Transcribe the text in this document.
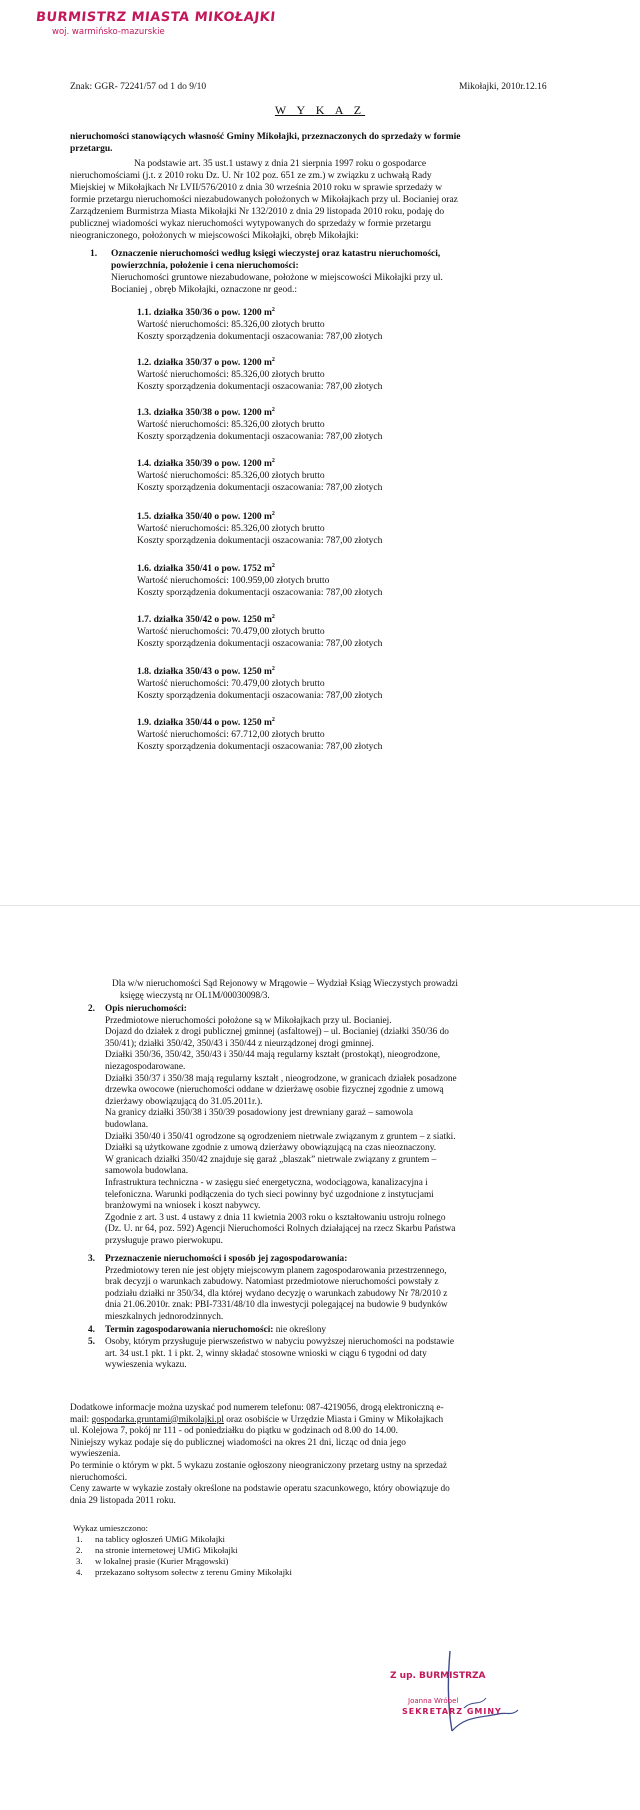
BURMISTRZ MIASTA MIKOŁAJKI
woj. warmińsko-mazurskie
Znak: GGR- 72241/57 od 1 do 9/10	Mikołajki, 2010r.12.16
W Y K A Z
nieruchomości stanowiących własność Gminy Mikołajki, przeznaczonych do sprzedaży w formie
przetargu.

Na podstawie art. 35 ust.1 ustawy z dnia 21 sierpnia 1997 roku o gospodarce

nieruchomościami (j.t. z 2010 roku Dz. U. Nr 102 poz. 651 ze zm.) w związku z uchwałą Rady

Miejskiej w Mikołajkach Nr LVII/576/2010 z dnia 30 września 2010 roku w sprawie sprzedaży w

formie przetargu nieruchomości niezabudowanych położonych w Mikołajkach przy ul. Bocianiej oraz

Zarządzeniem Burmistrza Miasta Mikołajki Nr 132/2010 z dnia 29 listopada 2010 roku, podaję do

publicznej wiadomości wykaz nieruchomości wytypowanych do sprzedaży w formie przetargu

nieograniczonego, położonych w miejscowości Mikołajki, obręb Mikołajki:

1. Oznaczenie nieruchomości według księgi wieczystej oraz katastru nieruchomości,
powierzchnia, położenie i cena nieruchomości:
Nieruchomości gruntowe niezabudowane, położone w miejscowości Mikołajki przy ul.
Bocianiej , obręb Mikołajki, oznaczone nr geod.:
1.1. działka 350/36 o pow. 1200 $m^2$
Wartość nieruchomości: 85.326,00 złotych brutto
Koszty sporządzenia dokumentacji oszacowania: 787,00 złotych
1.2. działka 350/37 o pow. 1200 $m^2$
Wartość nieruchomości: 85.326,00 złotych brutto
Koszty sporządzenia dokumentacji oszacowania: 787,00 złotych
1.3. działka 350/38 o pow. 1200 $m^2$
Wartość nieruchomości: 85.326,00 złotych brutto
Koszty sporządzenia dokumentacji oszacowania: 787,00 złotych
1.4. działka 350/39 o pow. 1200 $m^2$
Wartość nieruchomości: 85.326,00 złotych brutto
Koszty sporządzenia dokumentacji oszacowania: 787,00 złotych
1.5. działka 350/40 o pow. 1200 $m^2$
Wartość nieruchomości: 85.326,00 złotych brutto
Koszty sporządzenia dokumentacji oszacowania: 787,00 złotych
1.6. działka 350/41 o pow. 1752 $m^2$
Wartość nieruchomości: 100.959,00 złotych brutto
Koszty sporządzenia dokumentacji oszacowania: 787,00 złotych
1.7. działka 350/42 o pow. 1250 $m^2$
Wartość nieruchomości: 70.479,00 złotych brutto
Koszty sporządzenia dokumentacji oszacowania: 787,00 złotych
1.8. działka 350/43 o pow. 1250 $m^2$
Wartość nieruchomości: 70.479,00 złotych brutto
Koszty sporządzenia dokumentacji oszacowania: 787,00 złotych
1.9. działka 350/44 o pow. 1250 $m^2$
Wartość nieruchomości: 67.712,00 złotych brutto
Koszty sporządzenia dokumentacji oszacowania: 787,00 złotych
Dla w/w nieruchomości Sąd Rejonowy w Mrągowie – Wydział Ksiąg Wieczystych prowadzi
księgę wieczystą nr OL1M/00030098/3.
2. Opis nieruchomości:
Przedmiotowe nieruchomości położone są w Mikołajkach przy ul. Bocianiej.
Dojazd do działek z drogi publicznej gminnej (asfaltowej) – ul. Bocianiej (działki 350/36 do
350/41); działki 350/42, 350/43 i 350/44 z nieurządzonej drogi gminnej.
Działki 350/36, 350/42, 350/43 i 350/44 mają regularny kształt (prostokąt), nieogrodzone,
niezagospodarowane.
Działki 350/37 i 350/38 mają regularny kształt , nieogrodzone, w granicach działek posadzone
drzewka owocowe (nieruchomości oddane w dzierżawę osobie fizycznej zgodnie z umową
dzierżawy obowiązującą do 31.05.2011r.).
Na granicy działki 350/38 i 350/39 posadowiony jest drewniany garaż – samowola
budowlana.
Działki 350/40 i 350/41 ogrodzone są ogrodzeniem nietrwale związanym z gruntem – z siatki.
Działki są użytkowane zgodnie z umową dzierżawy obowiązującą na czas nieoznaczony.
W granicach działki 350/42 znajduje się garaż „blaszak” nietrwale związany z gruntem –
samowola budowlana.
Infrastruktura techniczna - w zasięgu sieć energetyczna, wodociągowa, kanalizacyjna i
telefoniczna. Warunki podłączenia do tych sieci powinny być uzgodnione z instytucjami
branżowymi na wniosek i koszt nabywcy.
Zgodnie z art. 3 ust. 4 ustawy z dnia 11 kwietnia 2003 roku o kształtowaniu ustroju rolnego
(Dz. U. nr 64, poz. 592) Agencji Nieruchomości Rolnych działającej na rzecz Skarbu Państwa
przysługuje prawo pierwokupu.
3. Przeznaczenie nieruchomości i sposób jej zagospodarowania:
Przedmiotowy teren nie jest objęty miejscowym planem zagospodarowania przestrzennego,
brak decyzji o warunkach zabudowy. Natomiast przedmiotowe nieruchomości powstały z
podziału działki nr 350/34, dla której wydano decyzję o warunkach zabudowy Nr 78/2010 z
dnia 21.06.2010r. znak: PBI-7331/48/10 dla inwestycji polegającej na budowie 9 budynków
mieszkalnych jednorodzinnych.
4. Termin zagospodarowania nieruchomości: nie określony
5. Osoby, którym przysługuje pierwszeństwo w nabyciu powyższej nieruchomości na podstawie
art. 34 ust.1 pkt. 1 i pkt. 2, winny składać stosowne wnioski w ciągu 6 tygodni od daty
wywieszenia wykazu.
Dodatkowe informacje można uzyskać pod numerem telefonu: 087-4219056, drogą elektroniczną e-
mail: gospodarka.gruntami@mikolajki.pl oraz osobiście w Urzędzie Miasta i Gminy w Mikołajkach
ul. Kolejowa 7, pokój nr 111 - od poniedziałku do piątku w godzinach od 8.00 do 14.00.
Niniejszy wykaz podaje się do publicznej wiadomości na okres 21 dni, licząc od dnia jego
wywieszenia.
Po terminie o którym w pkt. 5 wykazu zostanie ogłoszony nieograniczony przetarg ustny na sprzedaż
nieruchomości.
Ceny zawarte w wykazie zostały określone na podstawie operatu szacunkowego, który obowiązuje do
dnia 29 listopada 2011 roku.
Wykaz umieszczono:
1. na tablicy ogłoszeń UMiG Mikołajki
2. na stronie internetowej UMiG Mikołajki
3. w lokalnej prasie (Kurier Mrągowski)
4. przekazano sołtysom sołectw z terenu Gminy Mikołajki
Z up. BURMISTRZA
Joanna Wróbel
SEKRETARZ GMINY
